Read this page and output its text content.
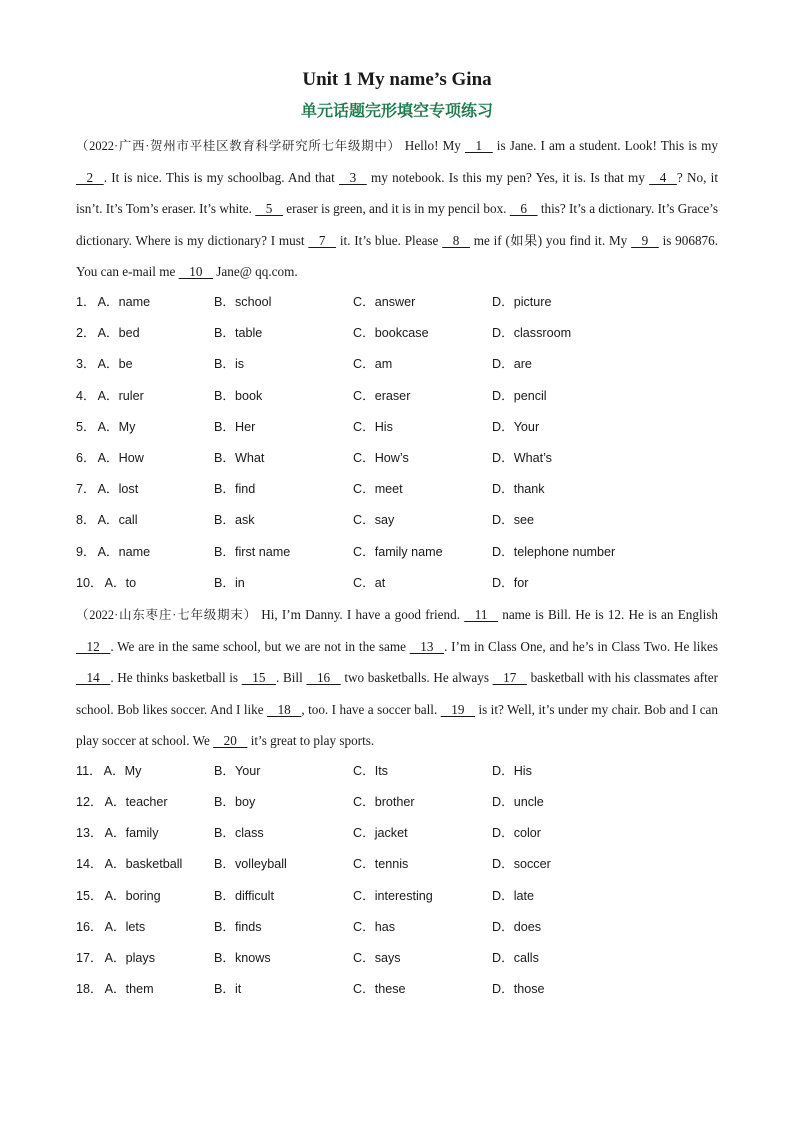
Unit 1 My name’s Gina
单元话题完形填空专项练习

（2022·广西·贺州市平桂区教育科学研究所七年级期中） Hello! My     1     is Jane. I am a student. Look! This is my     2    . It is nice. This is my schoolbag. And that     3     my notebook. Is this my pen? Yes, it is. Is that my     4    ? No, it isn’t. It’s Tom’s eraser. It’s white.     5     eraser is green, and it is in my pencil box.     6     this? It’s a dictionary. It’s Grace’s dictionary. Where is my dictionary? I must     7     it. It’s blue. Please     8     me if (如果) you find it. My     9     is 906876. You can e-mail me     10     Jane@ qq.com.

1． A．name	B．school	C．answer	D．picture
2． A．bed	B．table	C．bookcase	D．classroom
3． A．be	B．is	C．am	D．are
4． A．ruler	B．book	C．eraser	D．pencil
5． A．My	B．Her	C．His	D．Your
6． A．How	B．What	C．How’s	D．What’s
7． A．lost	B．find	C．meet	D．thank
8． A．call	B．ask	C．say	D．see
9． A．name	B．first name	C．family name	D．telephone number
10． A．to	B．in	C．at	D．for

（2022·山东枣庄·七年级期末） Hi, I’m Danny. I have a good friend.     11     name is Bill. He is 12. He is an English     12    . We are in the same school, but we are not in the same     13    . I’m in Class One, and he’s in Class Two. He likes     14    . He thinks basketball is     15    . Bill     16     two basketballs. He always     17     basketball with his classmates after school. Bob likes soccer. And I like     18    , too. I have a soccer ball.     19     is it? Well, it’s under my chair. Bob and I can play soccer at school. We     20     it’s great to play sports.

11． A．My	B．Your	C．Its	D．His
12． A．teacher	B．boy	C．brother	D．uncle
13． A．family	B．class	C．jacket	D．color
14． A．basketball	B．volleyball	C．tennis	D．soccer
15． A．boring	B．difficult	C．interesting	D．late
16． A．lets	B．finds	C．has	D．does
17． A．plays	B．knows	C．says	D．calls
18． A．them	B．it	C．these	D．those
